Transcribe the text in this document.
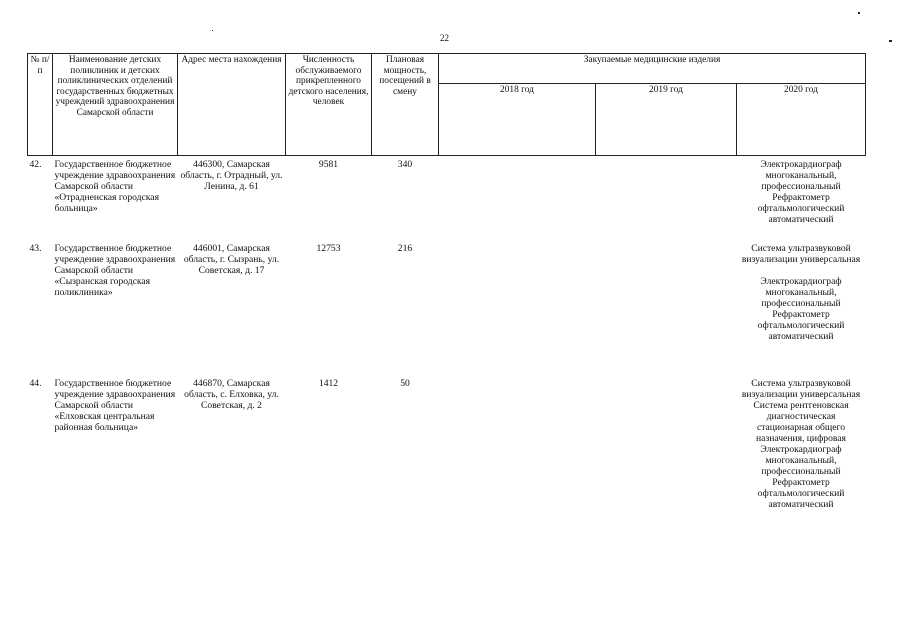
22
№ п/п	Наименование детских поликлиник и детских поликлинических отделений государственных бюджетных учреждений здравоохранения Самарской области	Адрес места нахождения	Численность обслуживаемого прикрепленного детского населения, человек	Плановая мощность, посещений в смену	Закупаемые медицинские изделия		
					2018 год	2019 год	2020 год
42.	Государственное бюджетное учреждение здравоохранения Самарской области «Отрадненская городская больница»	446300, Самарская область, г. Отрадный, ул. Ленина, д. 61	9581	340			Электрокардиограф многоканальный, профессиональный
Рефрактометр офтальмологический автоматический

43.	Государственное бюджетное учреждение здравоохранения Самарской области «Сызранская городская поликлиника»	446001, Самарская область, г. Сызрань, ул. Советская, д. 17	12753	216			Система ультразвуковой визуализации универсальная
Электрокардиограф многоканальный, профессиональный
Рефрактометр офтальмологический автоматический

44.	Государственное бюджетное учреждение здравоохранения Самарской области «Елховская центральная районная больница»	446870, Самарская область, с. Елховка, ул. Советская, д. 2	1412	50			Система ультразвуковой визуализации универсальная
Система рентгеновская диагностическая стационарная общего назначения, цифровая
Электрокардиограф многоканальный, профессиональный
Рефрактометр офтальмологический автоматический
